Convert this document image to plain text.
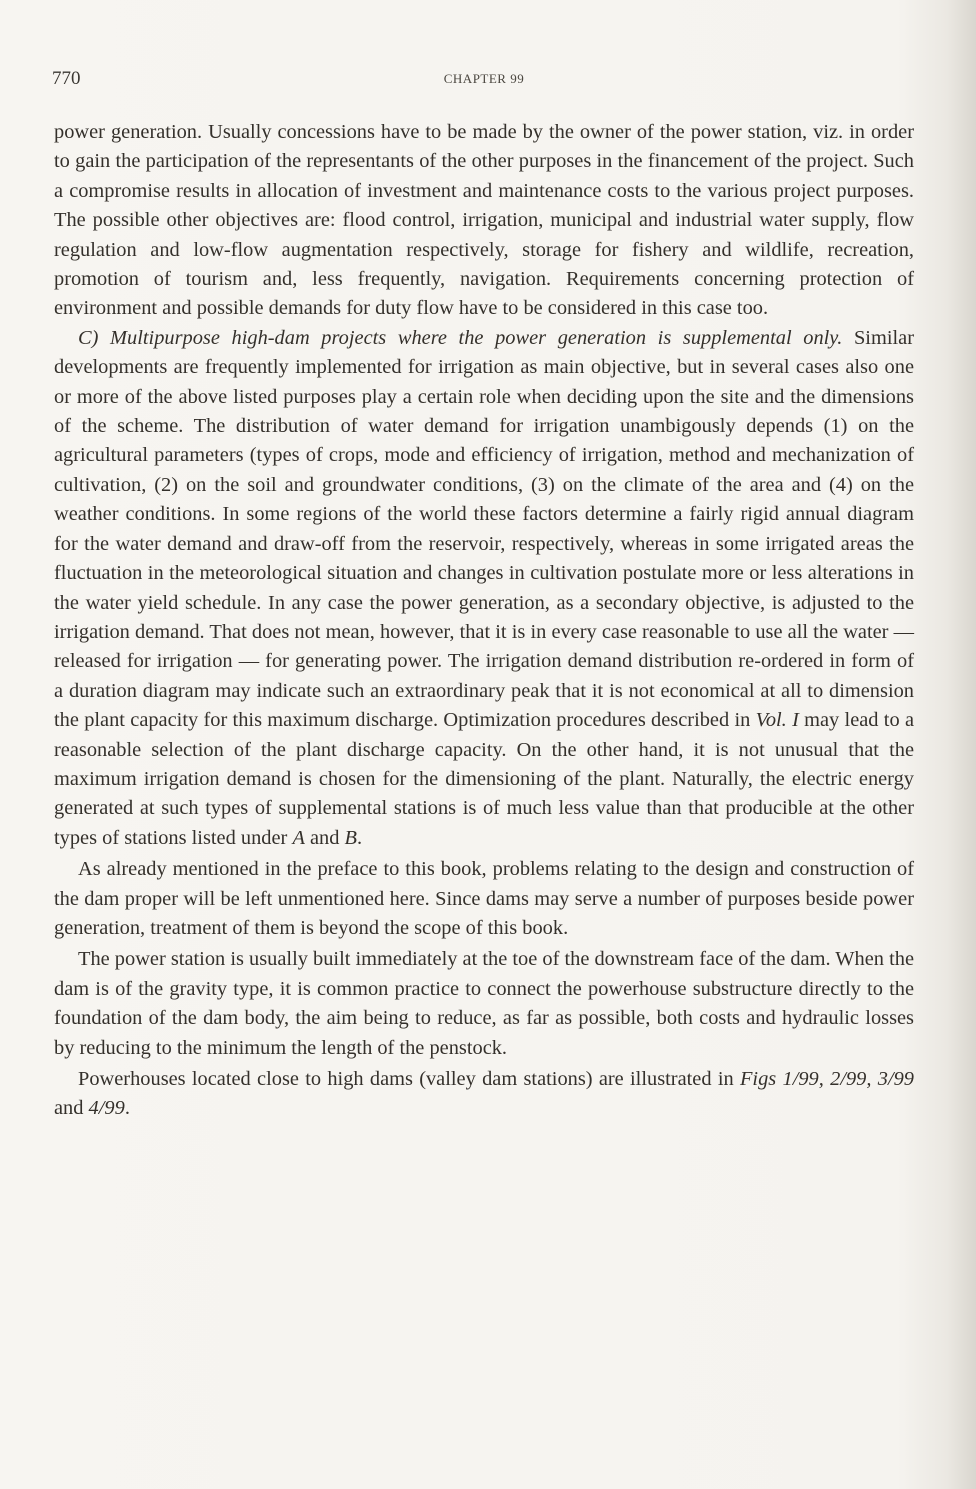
770	CHAPTER 99

power generation. Usually concessions have to be made by the owner of the power station, viz. in order to gain the participation of the representants of the other purposes in the financement of the project. Such a compromise results in allocation of investment and maintenance costs to the various project purposes. The possible other objectives are: flood control, irrigation, municipal and industrial water supply, flow regulation and low-flow augmentation respectively, storage for fishery and wildlife, recreation, promotion of tourism and, less frequently, navigation. Requirements concerning protection of environment and possible demands for duty flow have to be considered in this case too.

C) Multipurpose high-dam projects where the power generation is supplemental only. Similar developments are frequently implemented for irrigation as main objective, but in several cases also one or more of the above listed purposes play a certain role when deciding upon the site and the dimensions of the scheme. The distribution of water demand for irrigation unambigously depends (1) on the agricultural parameters (types of crops, mode and efficiency of irrigation, method and mechanization of cultivation, (2) on the soil and groundwater conditions, (3) on the climate of the area and (4) on the weather conditions. In some regions of the world these factors determine a fairly rigid annual diagram for the water demand and draw-off from the reservoir, respectively, whereas in some irrigated areas the fluctuation in the meteorological situation and changes in cultivation postulate more or less alterations in the water yield schedule. In any case the power generation, as a secondary objective, is adjusted to the irrigation demand. That does not mean, however, that it is in every case reasonable to use all the water — released for irrigation — for generating power. The irrigation demand distribution re-ordered in form of a duration diagram may indicate such an extraordinary peak that it is not economical at all to dimension the plant capacity for this maximum discharge. Optimization procedures described in Vol. I may lead to a reasonable selection of the plant discharge capacity. On the other hand, it is not unusual that the maximum irrigation demand is chosen for the dimensioning of the plant. Naturally, the electric energy generated at such types of supplemental stations is of much less value than that producible at the other types of stations listed under A and B.

As already mentioned in the preface to this book, problems relating to the design and construction of the dam proper will be left unmentioned here. Since dams may serve a number of purposes beside power generation, treatment of them is beyond the scope of this book.

The power station is usually built immediately at the toe of the downstream face of the dam. When the dam is of the gravity type, it is common practice to connect the powerhouse substructure directly to the foundation of the dam body, the aim being to reduce, as far as possible, both costs and hydraulic losses by reducing to the minimum the length of the penstock.

Powerhouses located close to high dams (valley dam stations) are illustrated in Figs 1/99, 2/99, 3/99 and 4/99.
